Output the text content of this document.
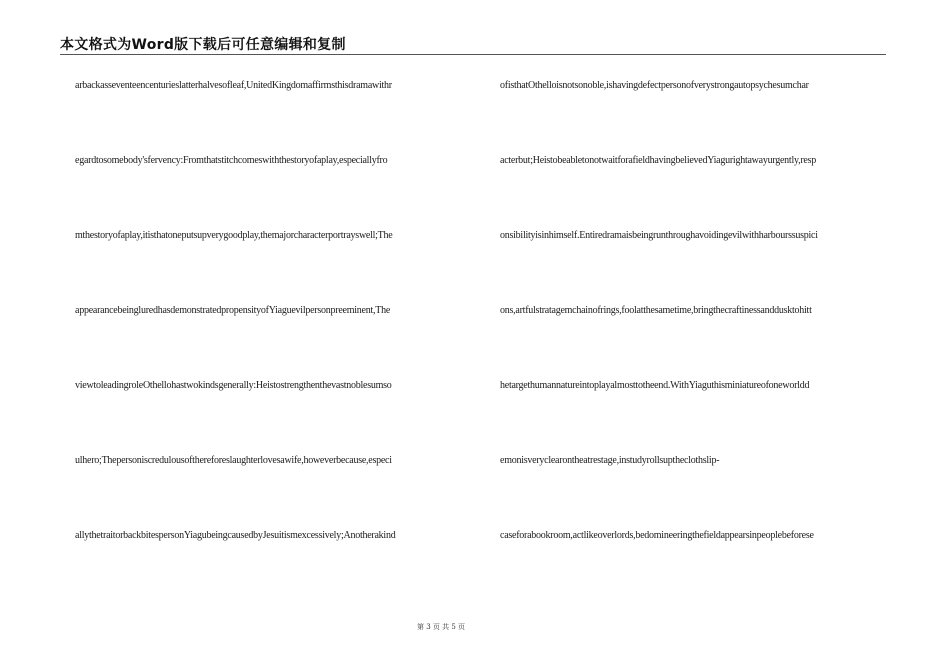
本文格式为Word版下载后可任意编辑和复制
arbackasseventeencenturieslatterhalvesofleaf,UnitedKingdomaffirmsthisdramawithr
egardtosomebody'sfervency:Fromthatstitchcomeswiththestoryofaplay,especiallyfro
mthestoryofaplay,itisthatoneputsupverygoodplay,themajorcharacterportrayswell;The
appearancebeingluredhasdemonstratedpropensityofYiaguevilpersonpreeminent,The
viewtoleadingroleOthellohastwokindsgenerally:Heistostrengthenthevastnoblesumso
ulhero;Thepersoniscredulousofthereforeslaughterlovesawife,howeverbecause,especi
allythetraitorbackbitespersonYiagubeingcausedbyJesuitismexcessively;Anotherakind
ofisthatOthelloisnotsonoble,ishavingdefectpersonofverystrongautopsychesumchar
acterbut;HeistobeabletonotwaitforafieldhavingbelievedYiagurightawayurgently,resp
onsibilityisinhimself.Entiredramaisbeingrunthroughavoidingevilwithharbourssuspici
ons,artfulstratagemchainofrings,foolatthesametime,bringthecraftinessanddusktohitt
hetargethumannatureintoplayalmosttotheend.WithYiaguthisminiatureofoneworldd
emonisveryclearontheatrestage,instudyrollsuptheclothslip-
caseforabookroom,actlikeoverlords,bedomineeringthefieldappearsinpeoplebeforese
第 3 页 共 5 页
